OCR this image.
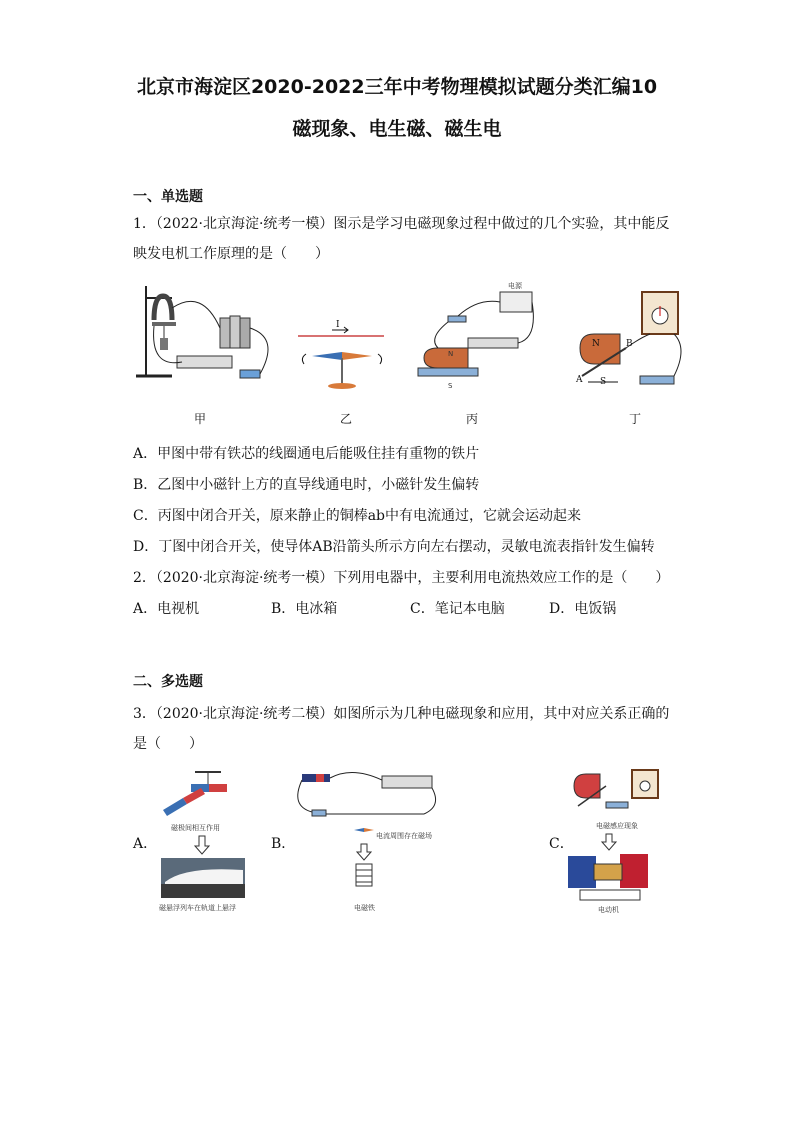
北京市海淀区2020-2022三年中考物理模拟试题分类汇编10
磁现象、电生磁、磁生电
一、单选题
1．（2022·北京海淀·统考一模）图示是学习电磁现象过程中做过的几个实验，其中能反
映发电机工作原理的是（　　）
甲
I
乙
电源
N
S
丙
N
A
B
S
丁
A．甲图中带有铁芯的线圈通电后能吸住挂有重物的铁片
B．乙图中小磁针上方的直导线通电时，小磁针发生偏转
C．丙图中闭合开关，原来静止的铜棒ab中有电流通过，它就会运动起来
D．丁图中闭合开关，使导体AB沿箭头所示方向左右摆动，灵敏电流表指针发生偏转
2．（2020·北京海淀·统考一模）下列用电器中，主要利用电流热效应工作的是（　　）
A．电视机	B．电冰箱	C．笔记本电脑	D．电饭锅
二、多选题
3．（2020·北京海淀·统考二模）如图所示为几种电磁现象和应用，其中对应关系正确的
是（　　）
A．	B．	C．
磁极间相互作用
磁悬浮列车在轨道上悬浮
电流周围存在磁场
电磁铁
电磁感应现象
电动机
